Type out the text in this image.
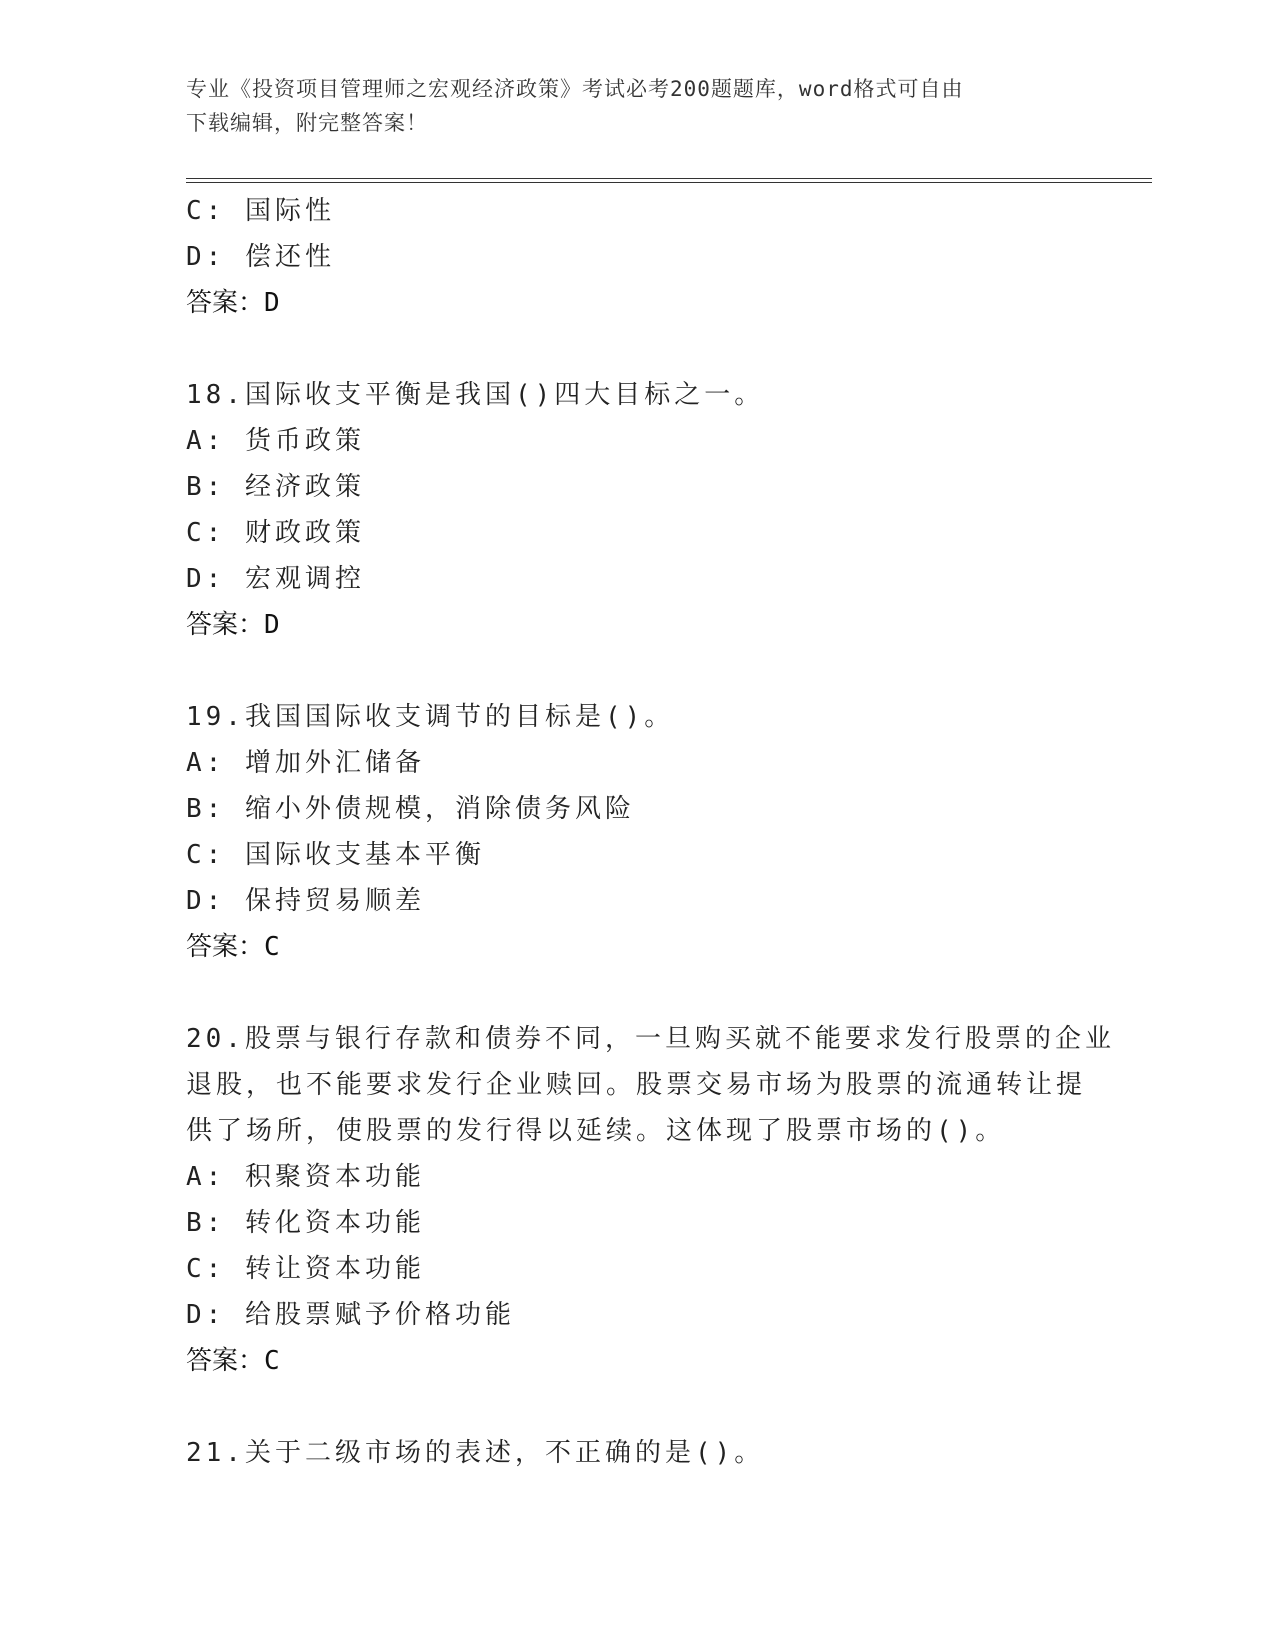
专业《投资项目管理师之宏观经济政策》考试必考200题题库，word格式可自由
下载编辑，附完整答案！
C: 国际性
D: 偿还性
答案：D
18.国际收支平衡是我国()四大目标之一。
A: 货币政策
B: 经济政策
C: 财政政策
D: 宏观调控
答案：D
19.我国国际收支调节的目标是()。
A: 增加外汇储备
B: 缩小外债规模，消除债务风险
C: 国际收支基本平衡
D: 保持贸易顺差
答案：C
20.股票与银行存款和债券不同，一旦购买就不能要求发行股票的企业
退股，也不能要求发行企业赎回。股票交易市场为股票的流通转让提
供了场所，使股票的发行得以延续。这体现了股票市场的()。
A: 积聚资本功能
B: 转化资本功能
C: 转让资本功能
D: 给股票赋予价格功能
答案：C
21.关于二级市场的表述，不正确的是()。
